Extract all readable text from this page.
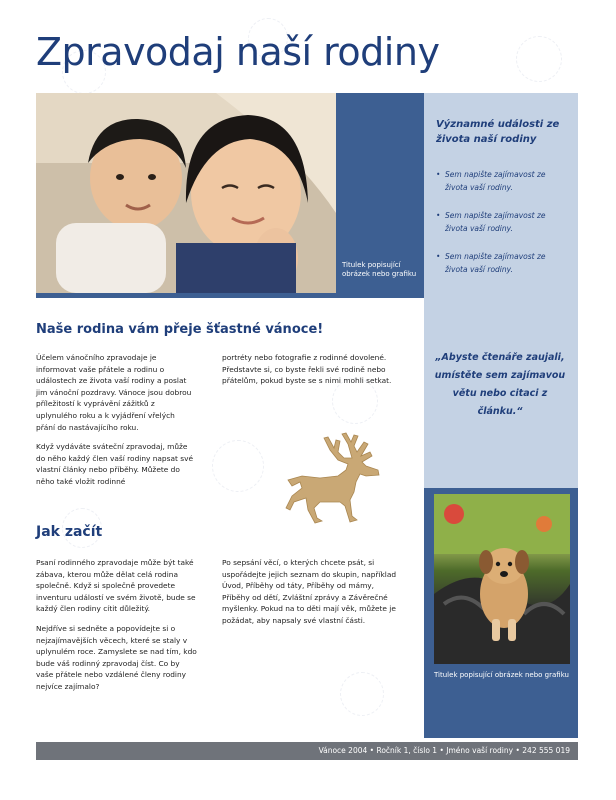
Zpravodaj naší rodiny
Titulek popisující obrázek nebo grafiku
Významné události ze života naší rodiny
• Sem napište zajímavost ze života vaší rodiny.
• Sem napište zajímavost ze života vaší rodiny.
• Sem napište zajímavost ze života vaší rodiny.
„Abyste čtenáře zaujali, umístěte sem zajímavou větu nebo citaci z článku.“
Titulek popisující obrázek nebo grafiku
Naše rodina vám přeje šťastné vánoce!

Účelem vánočního zpravodaje je informovat vaše přátele a rodinu o událostech ze života vaší rodiny a poslat jim vánoční pozdravy. Vánoce jsou dobrou příležitostí k vyprávění zážitků z uplynulého roku a k vyjádření vřelých přání do nastávajícího roku.

Když vydáváte sváteční zpravodaj, může do něho každý člen vaší rodiny napsat své vlastní články nebo příběhy. Můžete do něho také vložit rodinné

portréty nebo fotografie z rodinné dovolené. Představte si, co byste řekli své rodině nebo přátelům, pokud byste se s nimi mohli setkat.

Jak začít

Psaní rodinného zpravodaje může být také zábava, kterou může dělat celá rodina společně. Když si společně provedete inventuru událostí ve svém životě, bude se každý člen rodiny cítit důležitý.

Nejdříve si sedněte a popovídejte si o nejzajímavějších věcech, které se staly v uplynulém roce. Zamyslete se nad tím, kdo bude váš rodinný zpravodaj číst. Co by vaše přátele nebo vzdálené členy rodiny nejvíce zajímalo?

Po sepsání věcí, o kterých chcete psát, si uspořádejte jejich seznam do skupin, například Úvod, Příběhy od táty, Příběhy od mámy, Příběhy od dětí, Zvláštní zprávy a Závěrečné myšlenky. Pokud na to děti mají věk, můžete je požádat, aby napsaly své vlastní části.

Vánoce 2004 • Ročník 1, číslo 1 • Jméno vaší rodiny • 242 555 019
